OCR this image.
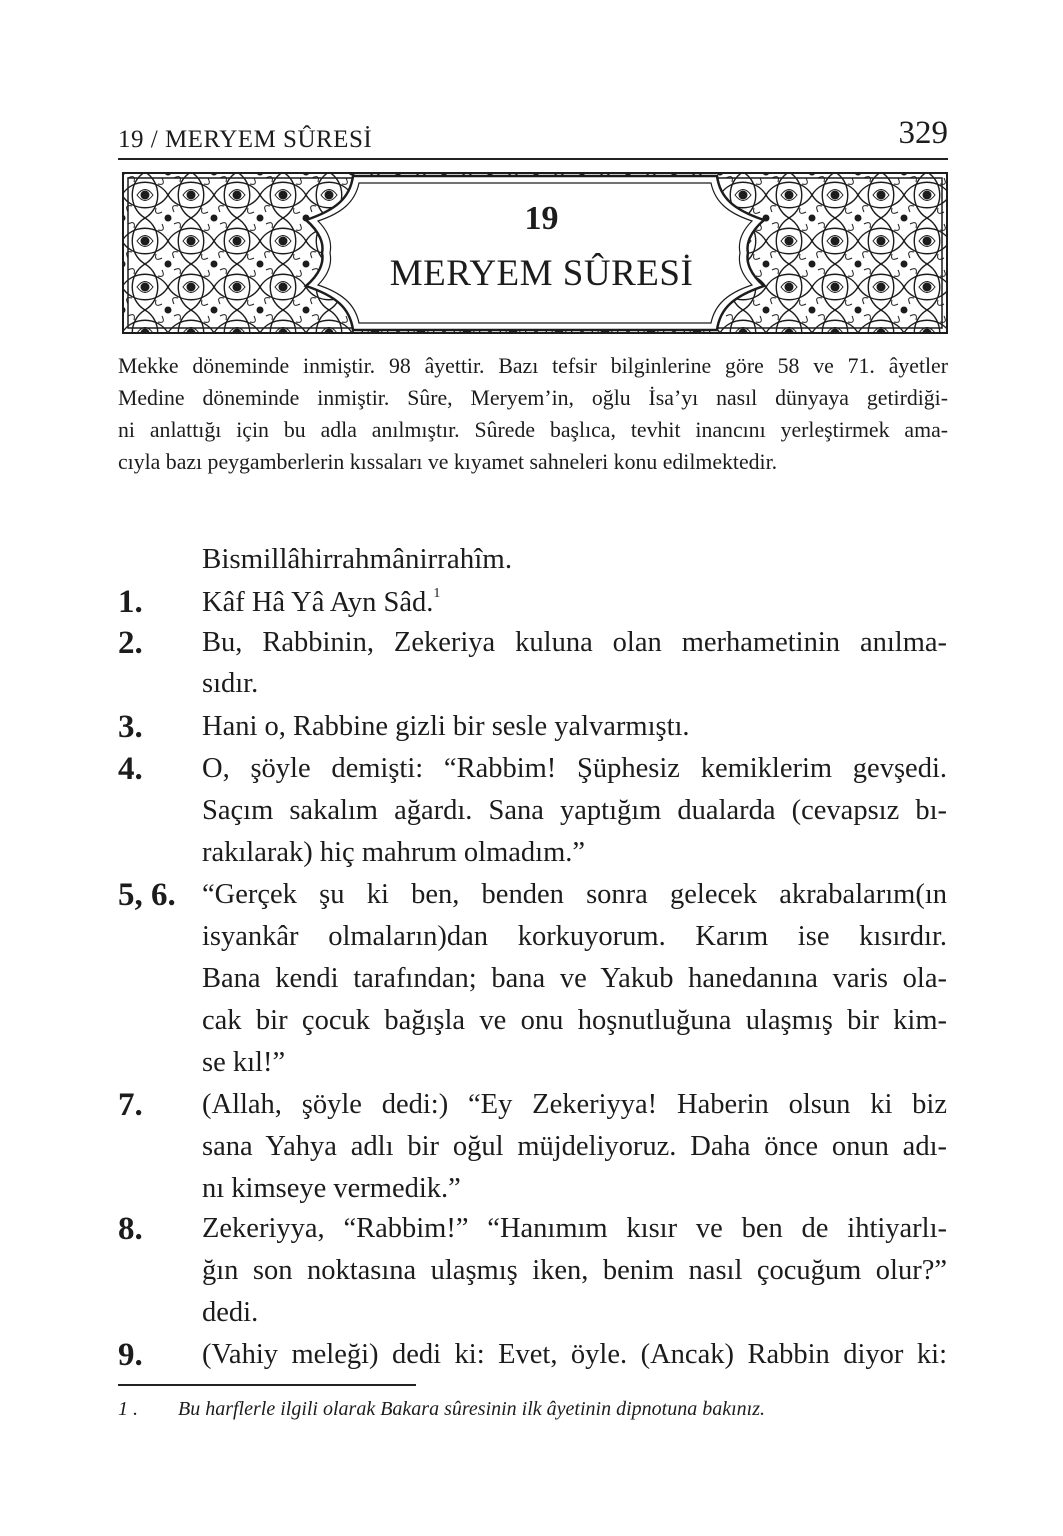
19 / MERYEM SÛRESİ	329
19
MERYEM SÛRESİ
Mekke döneminde inmiştir. 98 âyettir. Bazı tefsir bilginlerine göre 58 ve 71. âyetler
Medine döneminde inmiştir. Sûre, Meryem’in, oğlu İsa’yı nasıl dünyaya getirdiği-
ni anlattığı için bu adla anılmıştır. Sûrede başlıca, tevhit inancını yerleştirmek ama-
cıyla bazı peygamberlerin kıssaları ve kıyamet sahneleri konu edilmektedir.
Bismillâhirrahmânirrahîm.
1. Kâf Hâ Yâ Ayn Sâd.$^1$
2. Bu, Rabbinin, Zekeriya kuluna olan merhametinin anılma-
sıdır.
3. Hani o, Rabbine gizli bir sesle yalvarmıştı.
4. O, şöyle demişti: “Rabbim! Şüphesiz kemiklerim gevşedi.
Saçım sakalım ağardı. Sana yaptığım dualarda (cevapsız bı-
rakılarak) hiç mahrum olmadım.”
5, 6. “Gerçek şu ki ben, benden sonra gelecek akrabalarım(ın
isyankâr olmaların)dan korkuyorum. Karım ise kısırdır.
Bana kendi tarafından; bana ve Yakub hanedanına varis ola-
cak bir çocuk bağışla ve onu hoşnutluğuna ulaşmış bir kim-
se kıl!”
7. (Allah, şöyle dedi:) “Ey Zekeriyya! Haberin olsun ki biz
sana Yahya adlı bir oğul müjdeliyoruz. Daha önce onun adı-
nı kimseye vermedik.”
8. Zekeriyya, “Rabbim!” “Hanımım kısır ve ben de ihtiyarlı-
ğın son noktasına ulaşmış iken, benim nasıl çocuğum olur?”
dedi.
9. (Vahiy meleği) dedi ki: Evet, öyle. (Ancak) Rabbin diyor ki:
1 . Bu harflerle ilgili olarak Bakara sûresinin ilk âyetinin dipnotuna bakınız.
